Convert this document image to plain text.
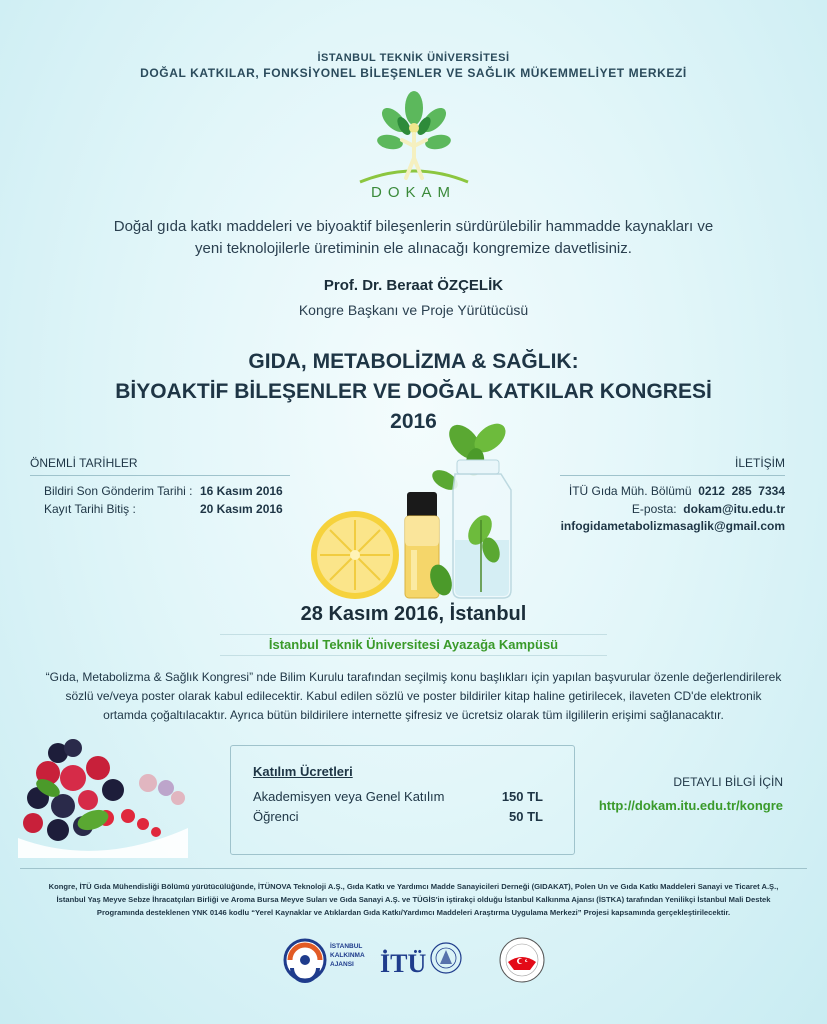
İSTANBUL TEKNİK ÜNİVERSİTESİ
DOĞAL KATKILAR, FONKSİYONEL BİLEŞENLER VE SAĞLIK MÜKEMMELİYET MERKEZİ
DOKAM
Doğal gıda katkı maddeleri ve biyoaktif bileşenlerin sürdürülebilir hammadde kaynakları ve yeni teknolojilerle üretiminin ele alınacağı kongremize davetlisiniz.
Prof. Dr. Beraat ÖZÇELİK
Kongre Başkanı ve Proje Yürütücüsü
GIDA, METABOLİZMA & SAĞLIK:
BİYOAKTİF BİLEŞENLER VE DOĞAL KATKILAR KONGRESİ
2016
ÖNEMLİ TARİHLER
Bildiri Son Gönderim Tarihi : 16 Kasım 2016
Kayıt Tarihi Bitiş :	20 Kasım 2016
İLETİŞİM
İTÜ Gıda Müh. Bölümü 0212  285  7334
E-posta: dokam@itu.edu.tr
infogidametabolizmasaglik@gmail.com
28 Kasım 2016, İstanbul
İstanbul Teknik Üniversitesi Ayazağa Kampüsü
“Gıda, Metabolizma & Sağlık Kongresi” nde Bilim Kurulu tarafından seçilmiş konu başlıkları için yapılan başvurular özenle değerlendirilerek sözlü ve/veya poster olarak kabul edilecektir. Kabul edilen sözlü ve poster bildiriler kitap haline getirilecek, ilaveten CD'de elektronik ortamda çoğaltılacaktır. Ayrıca bütün bildirilere internette şifresiz ve ücretsiz olarak tüm ilgililerin erişimi sağlanacaktır.
Katılım Ücretleri
Akademisyen veya Genel Katılım	150 TL
Öğrenci	50 TL
DETAYLI BİLGİ İÇİN
http://dokam.itu.edu.tr/kongre
Kongre, İTÜ Gıda Mühendisliği Bölümü yürütücülüğünde, İTÜNOVA Teknoloji A.Ş., Gıda Katkı ve Yardımcı Madde Sanayicileri Derneği (GIDAKAT), Polen Un ve Gıda Katkı Maddeleri Sanayi ve Ticaret A.Ş., İstanbul Yaş Meyve Sebze İhracatçıları Birliği ve Aroma Bursa Meyve Suları ve Gıda Sanayi A.Ş. ve TÜGİS'in iştirakçi olduğu İstanbul Kalkınma Ajansı (İSTKA) tarafından Yenilikçi İstanbul Mali Destek Programında desteklenen YNK 0146 kodlu “Yerel Kaynaklar ve Atıklardan Gıda Katkı/Yardımcı Maddeleri Araştırma Uygulama Merkezi” Projesi kapsamında gerçekleştirilecektir.
İSTANBUL
KALKINMA
AJANSI İTÜ
